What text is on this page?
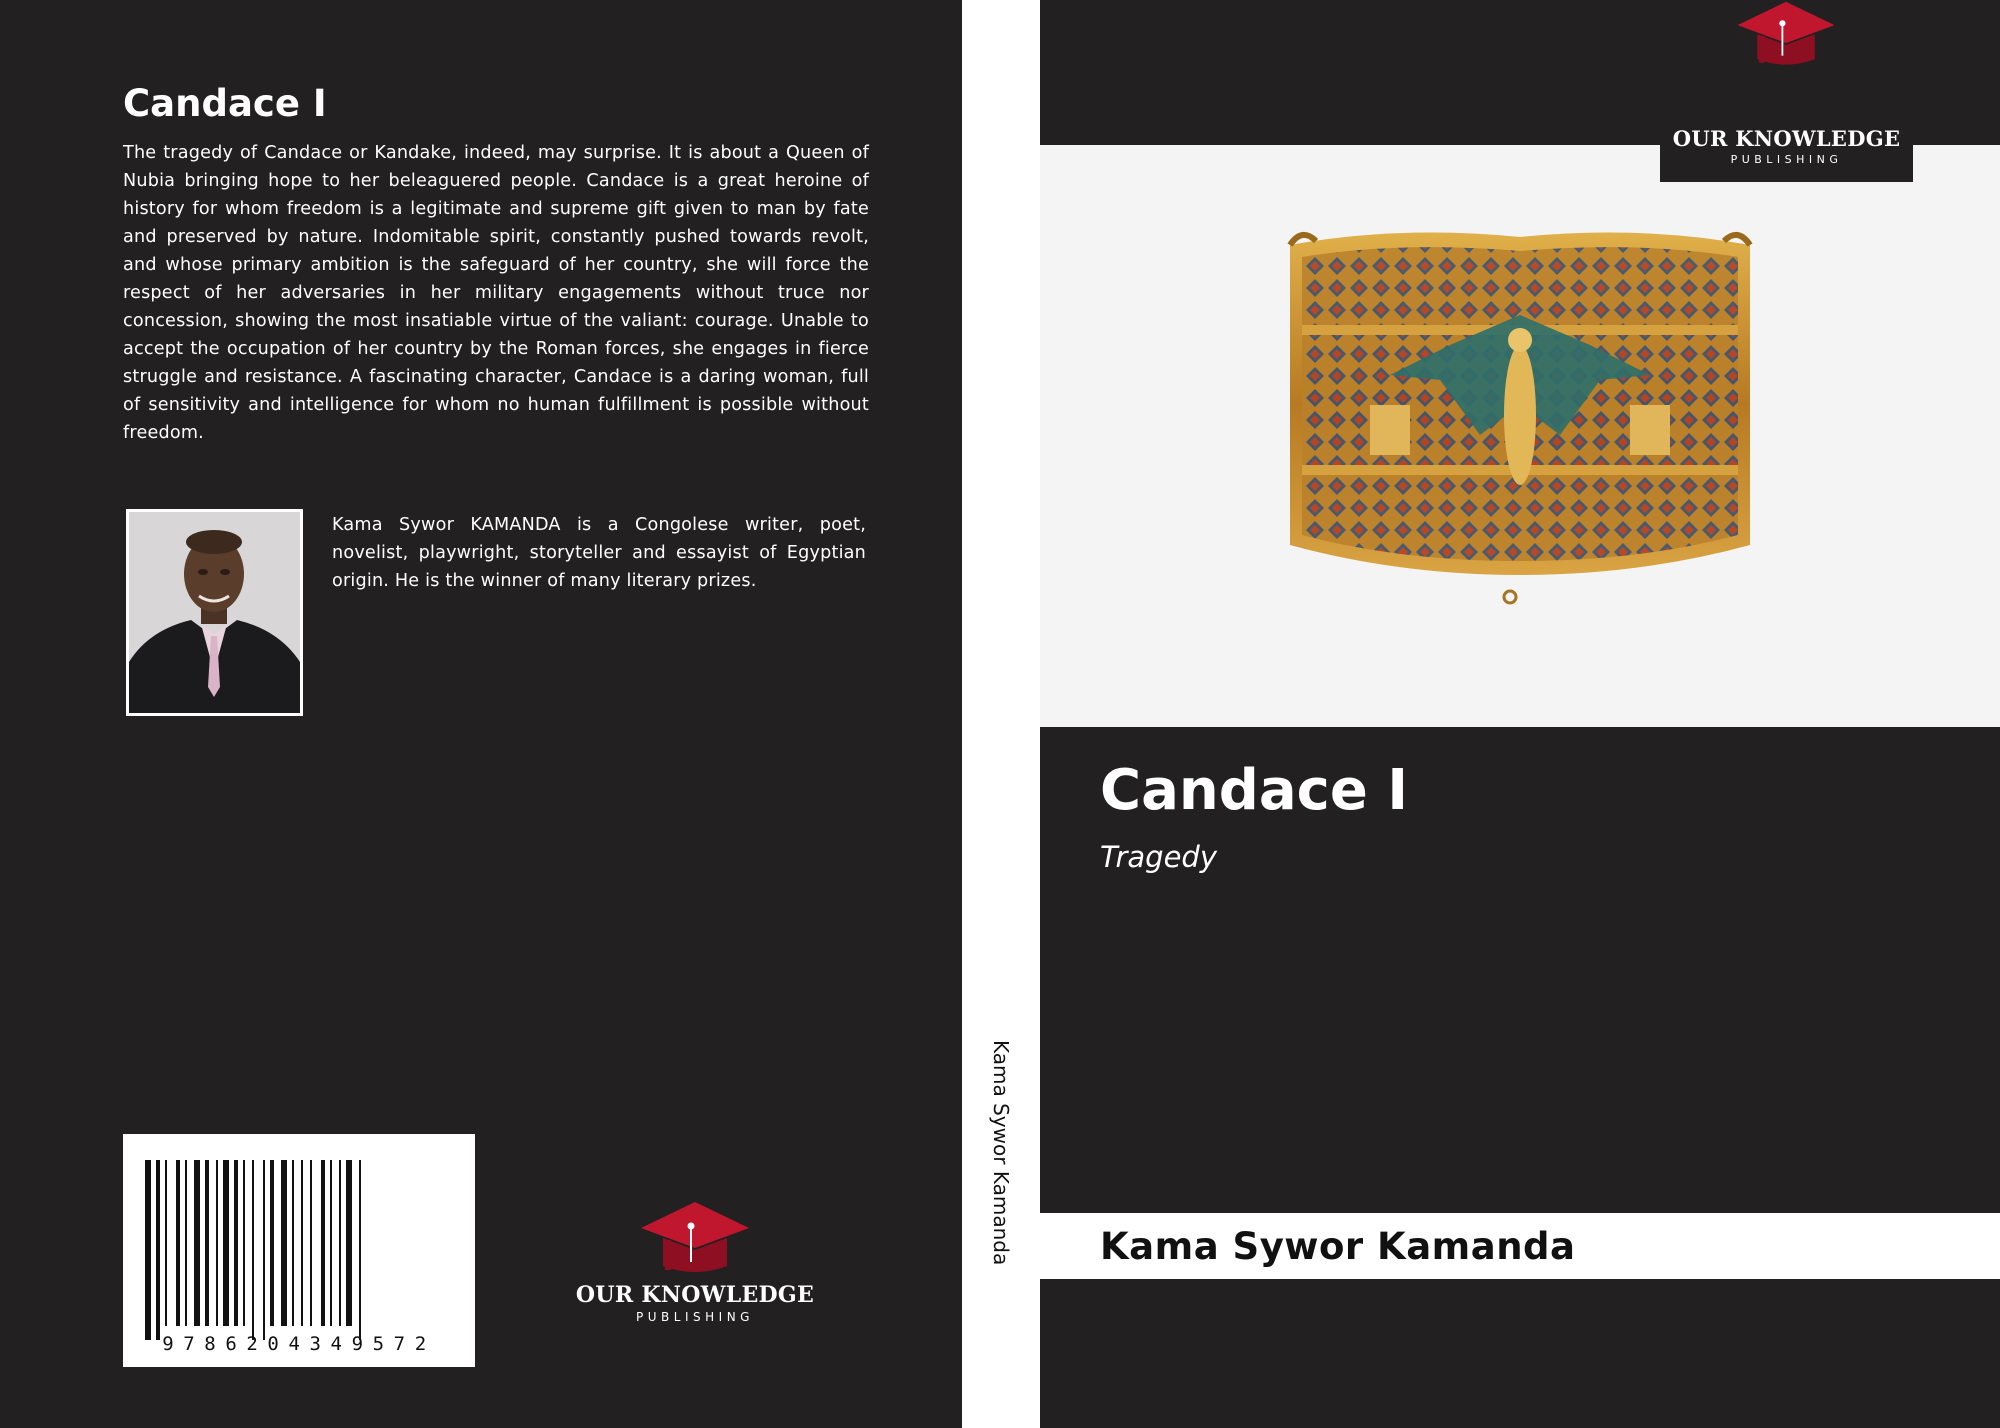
Candace I

The tragedy of Candace or Kandake, indeed, may surprise. It is about a Queen of Nubia bringing hope to her beleaguered people. Candace is a great heroine of history for whom freedom is a legitimate and supreme gift given to man by fate and preserved by nature. Indomitable spirit, constantly pushed towards revolt, and whose primary ambition is the safeguard of her country, she will force the respect of her adversaries in her military engagements without truce nor concession, showing the most insatiable virtue of the valiant: courage. Unable to accept the occupation of her country by the Roman forces, she engages in fierce struggle and resistance. A fascinating character, Candace is a daring woman, full of sensitivity and intelligence for whom no human fulfillment is possible without freedom.

Kama Sywor KAMANDA is a Congolese writer, poet, novelist, playwright, storyteller and essayist of Egyptian origin. He is the winner of many literary prizes.

9786204349572
OUR KNOWLEDGE
PUBLISHING

Kama Sywor Kamanda

OUR KNOWLEDGE
PUBLISHING
Candace I

Tragedy

Kama Sywor Kamanda
